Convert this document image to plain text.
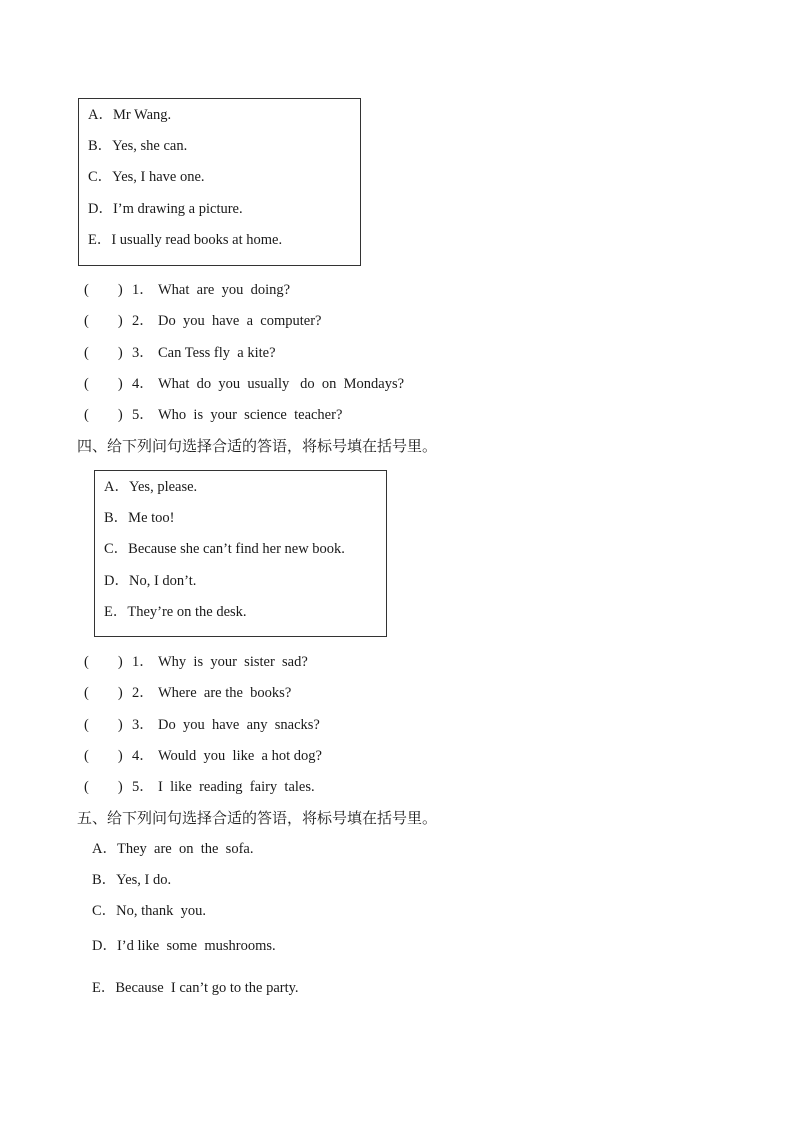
A．Mr Wang.
B．Yes, she can.
C．Yes, I have one.
D．I’m drawing a picture.
E．I usually read books at home.
(　　) 1． What  are  you  doing?
(　　) 2． Do  you  have  a  computer?
(　　) 3． Can Tess fly  a kite?
(　　) 4． What  do  you  usually   do  on  Mondays?
(　　) 5． Who  is  your  science  teacher?
四、给下列问句选择合适的答语，将标号填在括号里。
A．Yes, please.
B．Me too!
C．Because she can’t find her new book.
D．No, I don’t.
E．They’re on the desk.
(　　) 1． Why  is  your  sister  sad?
(　　) 2． Where  are the  books?
(　　) 3． Do  you  have  any  snacks?
(　　) 4． Would  you  like  a hot dog?
(　　) 5． I  like  reading  fairy  tales.
五、给下列问句选择合适的答语，将标号填在括号里。
A．They  are  on  the  sofa.
B．Yes, I do.
C．No, thank  you.
D．I’d like  some  mushrooms.
E．Because  I can’t go to the party.
